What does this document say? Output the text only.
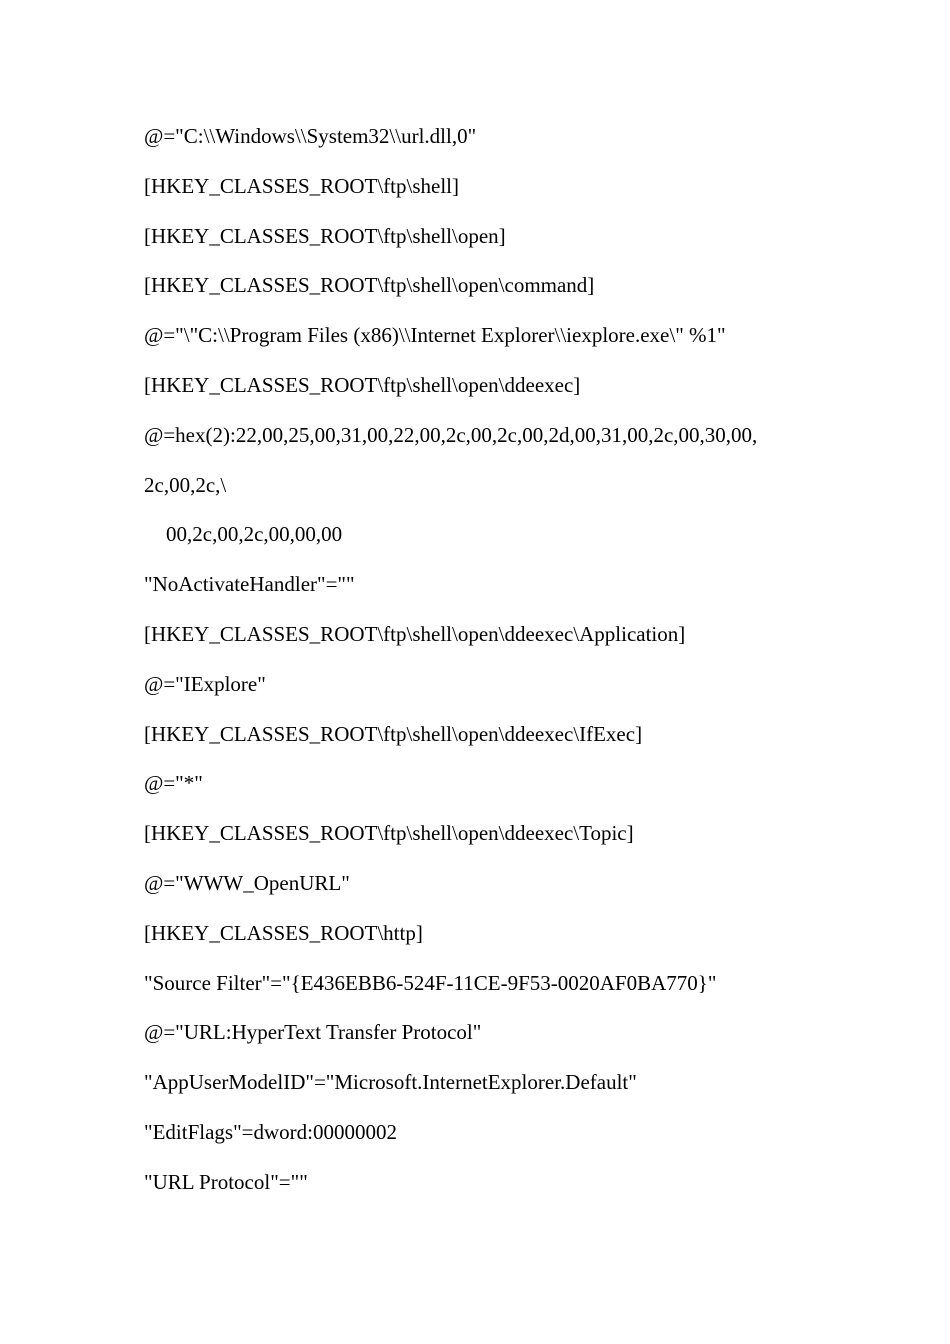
@="C:\\Windows\\System32\\url.dll,0"
[HKEY_CLASSES_ROOT\ftp\shell]
[HKEY_CLASSES_ROOT\ftp\shell\open]
[HKEY_CLASSES_ROOT\ftp\shell\open\command]
@="\"C:\\Program Files (x86)\\Internet Explorer\\iexplore.exe\" %1"
[HKEY_CLASSES_ROOT\ftp\shell\open\ddeexec]
@=hex(2):22,00,25,00,31,00,22,00,2c,00,2c,00,2d,00,31,00,2c,00,30,00,
2c,00,2c,\
00,2c,00,2c,00,00,00
"NoActivateHandler"=""
[HKEY_CLASSES_ROOT\ftp\shell\open\ddeexec\Application]
@="IExplore"
[HKEY_CLASSES_ROOT\ftp\shell\open\ddeexec\IfExec]
@="*"
[HKEY_CLASSES_ROOT\ftp\shell\open\ddeexec\Topic]
@="WWW_OpenURL"
[HKEY_CLASSES_ROOT\http]
"Source Filter"="{E436EBB6-524F-11CE-9F53-0020AF0BA770}"
@="URL:HyperText Transfer Protocol"
"AppUserModelID"="Microsoft.InternetExplorer.Default"
"EditFlags"=dword:00000002
"URL Protocol"=""
